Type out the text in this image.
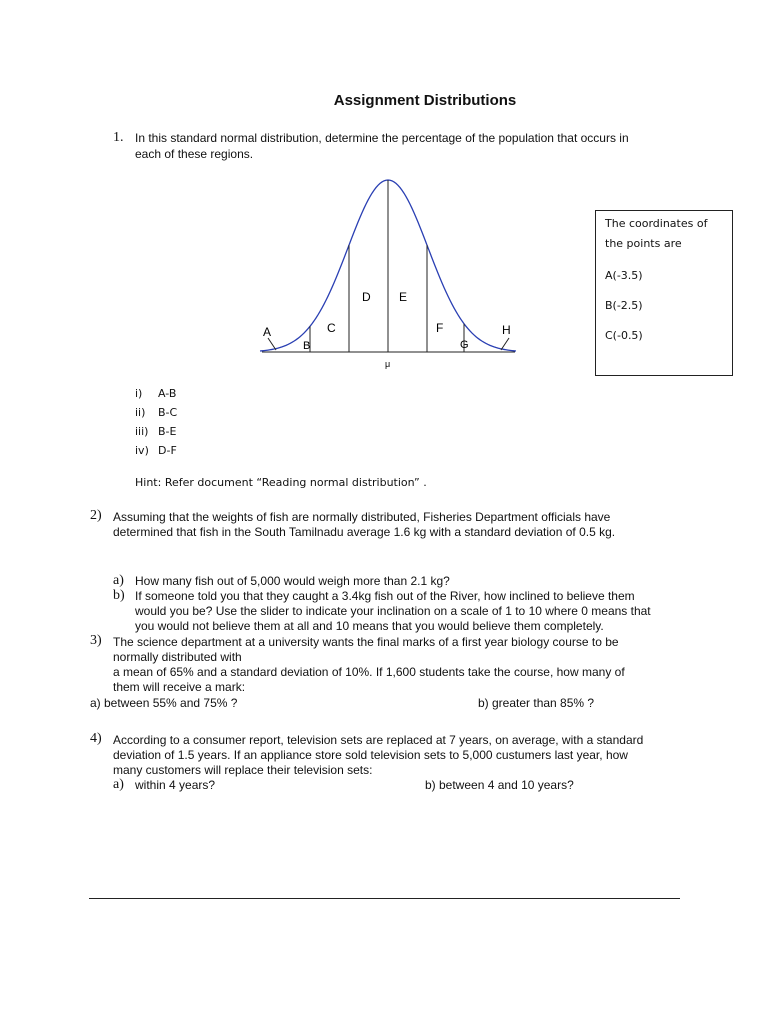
Assignment Distributions
1. In this standard normal distribution, determine the percentage of the population that occurs in
each of these regions.
A
B
C
D E
F
G
H
μ
The coordinates of
the points are
A(-3.5)
B(-2.5)
C(-0.5)
i) A-B
ii) B-C
iii) B-E
iv) D-F
Hint: Refer document “Reading normal distribution” .
2) Assuming that the weights of fish are normally distributed, Fisheries Department officials have
determined that fish in the South Tamilnadu average 1.6 kg with a standard deviation of 0.5 kg.
a) How many fish out of 5,000 would weigh more than 2.1 kg?
b) If someone told you that they caught a 3.4kg fish out of the River, how inclined to believe them
would you be? Use the slider to indicate your inclination on a scale of 1 to 10 where 0 means that
you would not believe them at all and 10 means that you would believe them completely.
3) The science department at a university wants the final marks of a first year biology course to be
normally distributed with
a mean of 65% and a standard deviation of 10%. If 1,600 students take the course, how many of
them will receive a mark:
a) between 55% and 75% ?	b) greater than 85% ?
4) According to a consumer report, television sets are replaced at 7 years, on average, with a standard
deviation of 1.5 years. If an appliance store sold television sets to 5,000 custumers last year, how
many customers will replace their television sets:
a) within 4 years?	b) between 4 and 10 years?
